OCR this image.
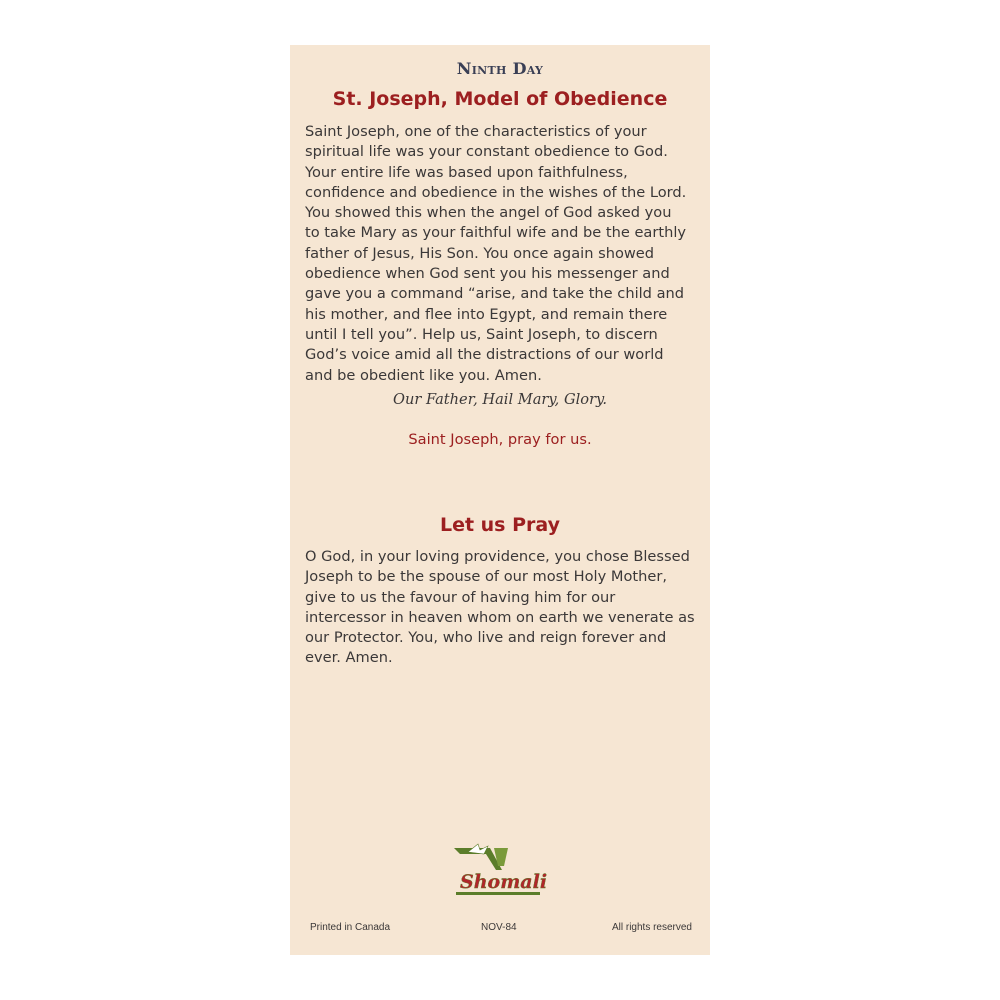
Ninth Day
St. Joseph, Model of Obedience
Saint Joseph, one of the characteristics of your
spiritual life was your constant obedience to God.
Your entire life was based upon faithfulness,
confidence and obedience in the wishes of the Lord.
You showed this when the angel of God asked you
to take Mary as your faithful wife and be the earthly
father of Jesus, His Son. You once again showed
obedience when God sent you his messenger and
gave you a command “arise, and take the child and
his mother, and flee into Egypt, and remain there
until I tell you”. Help us, Saint Joseph, to discern
God’s voice amid all the distractions of our world
and be obedient like you. Amen.
Our Father, Hail Mary, Glory.
Saint Joseph, pray for us.
Let us Pray
O God, in your loving providence, you chose Blessed
Joseph to be the spouse of our most Holy Mother,
give to us the favour of having him for our
intercessor in heaven whom on earth we venerate as
our Protector. You, who live and reign forever and
ever. Amen.
Shomali
Printed in Canada	NOV-84	All rights reserved
